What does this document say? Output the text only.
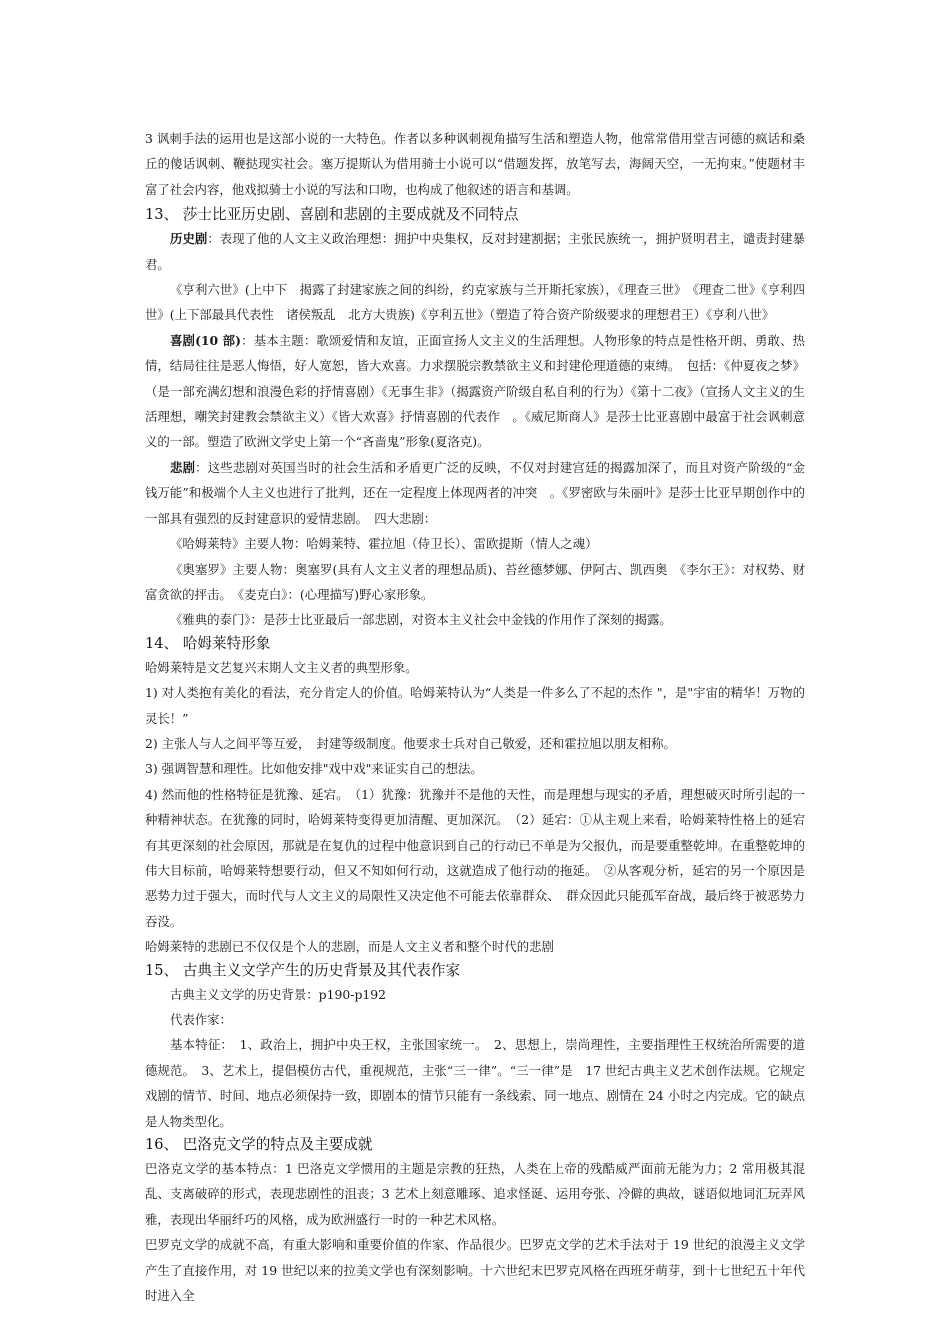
3 讽刺手法的运用也是这部小说的一大特色。作者以多种讽刺视角描写生活和塑造人物，他常常借用堂吉诃德的疯话和桑丘的傻话讽刺、鞭挞现实社会。塞万提斯认为借用骑士小说可以“借题发挥，放笔写去，海阔天空，一无拘束。”使题材丰富了社会内容，他戏拟骑士小说的写法和口吻，也构成了他叙述的语言和基调。

13、 莎士比亚历史剧、喜剧和悲剧的主要成就及不同特点

历史剧：表现了他的人文主义政治理想：拥护中央集权，反对封建割据；主张民族统一，拥护贤明君主，谴责封建暴君。

《亨利六世》(上中下　揭露了封建家族之间的纠纷，约克家族与兰开斯托家族），《理查三世》　《理查二世》《亨利四世》(上下部最具代表性　诸侯叛乱　北方大贵族)《亨利五世》（塑造了符合资产阶级要求的理想君王）《亨利八世》

喜剧(10 部)：基本主题：歌颂爱情和友谊，正面宣扬人文主义的生活理想。人物形象的特点是性格开朗、勇敢、热情，结局往往是恶人悔悟，好人宽恕，皆大欢喜。力求摆脱宗教禁欲主义和封建伦理道德的束缚。　包括：《仲夏夜之梦》（是一部充满幻想和浪漫色彩的抒情喜剧）《无事生非》（揭露资产阶级自私自利的行为）《第十二夜》（宣扬人文主义的生活理想，嘲笑封建教会禁欲主义）《皆大欢喜》抒情喜剧的代表作　。《威尼斯商人》是莎士比亚喜剧中最富于社会讽刺意义的一部。塑造了欧洲文学史上第一个“吝啬鬼”形象(夏洛克)。

悲剧：这些悲剧对英国当时的社会生活和矛盾更广泛的反映，不仅对封建宫廷的揭露加深了，而且对资产阶级的“金钱万能”和极端个人主义也进行了批判，还在一定程度上体现两者的冲突　。《罗密欧与朱丽叶》是莎士比亚早期创作中的一部具有强烈的反封建意识的爱情悲剧。　四大悲剧：

《哈姆莱特》主要人物：哈姆莱特、霍拉旭（侍卫长）、雷欧提斯（情人之魂）

《奥塞罗》主要人物：奥塞罗(具有人文主义者的理想品质)、苔丝德梦娜、伊阿古、凯西奥　《李尔王》：对权势、财富贪欲的抨击。　《麦克白》：(心理描写)野心家形象。

《雅典的泰门》：是莎士比亚最后一部悲剧，对资本主义社会中金钱的作用作了深刻的揭露。

14、 哈姆莱特形象

哈姆莱特是文艺复兴末期人文主义者的典型形象。

1) 对人类抱有美化的看法，充分肯定人的价值。哈姆莱特认为“人类是一件多么了不起的杰作 "，是"宇宙的精华！万物的灵长！”

2) 主张人与人之间平等互爱，　封建等级制度。他要求士兵对自己敬爱，还和霍拉旭以朋友相称。

3) 强调智慧和理性。比如他安排"戏中戏"来证实自己的想法。

4) 然而他的性格特征是犹豫、延宕。　（1）犹豫：犹豫并不是他的天性，而是理想与现实的矛盾，理想破灭时所引起的一种精神状态。在犹豫的同时，哈姆莱特变得更加清醒、更加深沉。　（2）延宕：①从主观上来看，哈姆莱特性格上的延宕有其更深刻的社会原因，那就是在复仇的过程中他意识到自己的行动已不单是为父报仇，而是要重整乾坤。在重整乾坤的伟大目标前，哈姆莱特想要行动，但又不知如何行动，这就造成了他行动的拖延。　②从客观分析，延宕的另一个原因是恶势力过于强大，而时代与人文主义的局限性又决定他不可能去依靠群众、　群众因此只能孤军奋战，最后终于被恶势力吞没。

哈姆莱特的悲剧已不仅仅是个人的悲剧，而是人文主义者和整个时代的悲剧

15、 古典主义文学产生的历史背景及其代表作家

古典主义文学的历史背景：p190-p192

代表作家：

基本特征：　1、政治上，拥护中央王权，主张国家统一。　2、思想上，崇尚理性，主要指理性王权统治所需要的道德规范。　3、艺术上，提倡模仿古代，重视规范，主张“三一律”。“三一律”是　17 世纪古典主义艺术创作法规。它规定戏剧的情节、时间、地点必须保持一致，即剧本的情节只能有一条线索、同一地点、剧情在 24 小时之内完成。它的缺点是人物类型化。

16、 巴洛克文学的特点及主要成就

巴洛克文学的基本特点：1 巴洛克文学惯用的主题是宗教的狂热，人类在上帝的残酷威严面前无能为力；2 常用极其混乱、支离破碎的形式，表现悲剧性的沮丧；3 艺术上刻意雕琢、追求怪诞、运用夸张、冷僻的典故，谜语似地词汇玩弄风雅，表现出华丽纤巧的风格，成为欧洲盛行一时的一种艺术风格。

巴罗克文学的成就不高，有重大影响和重要价值的作家、作品很少。巴罗克文学的艺术手法对于 19 世纪的浪漫主义文学产生了直接作用，对 19 世纪以来的拉美文学也有深刻影响。十六世纪末巴罗克风格在西班牙萌芽，到十七世纪五十年代时进入全
